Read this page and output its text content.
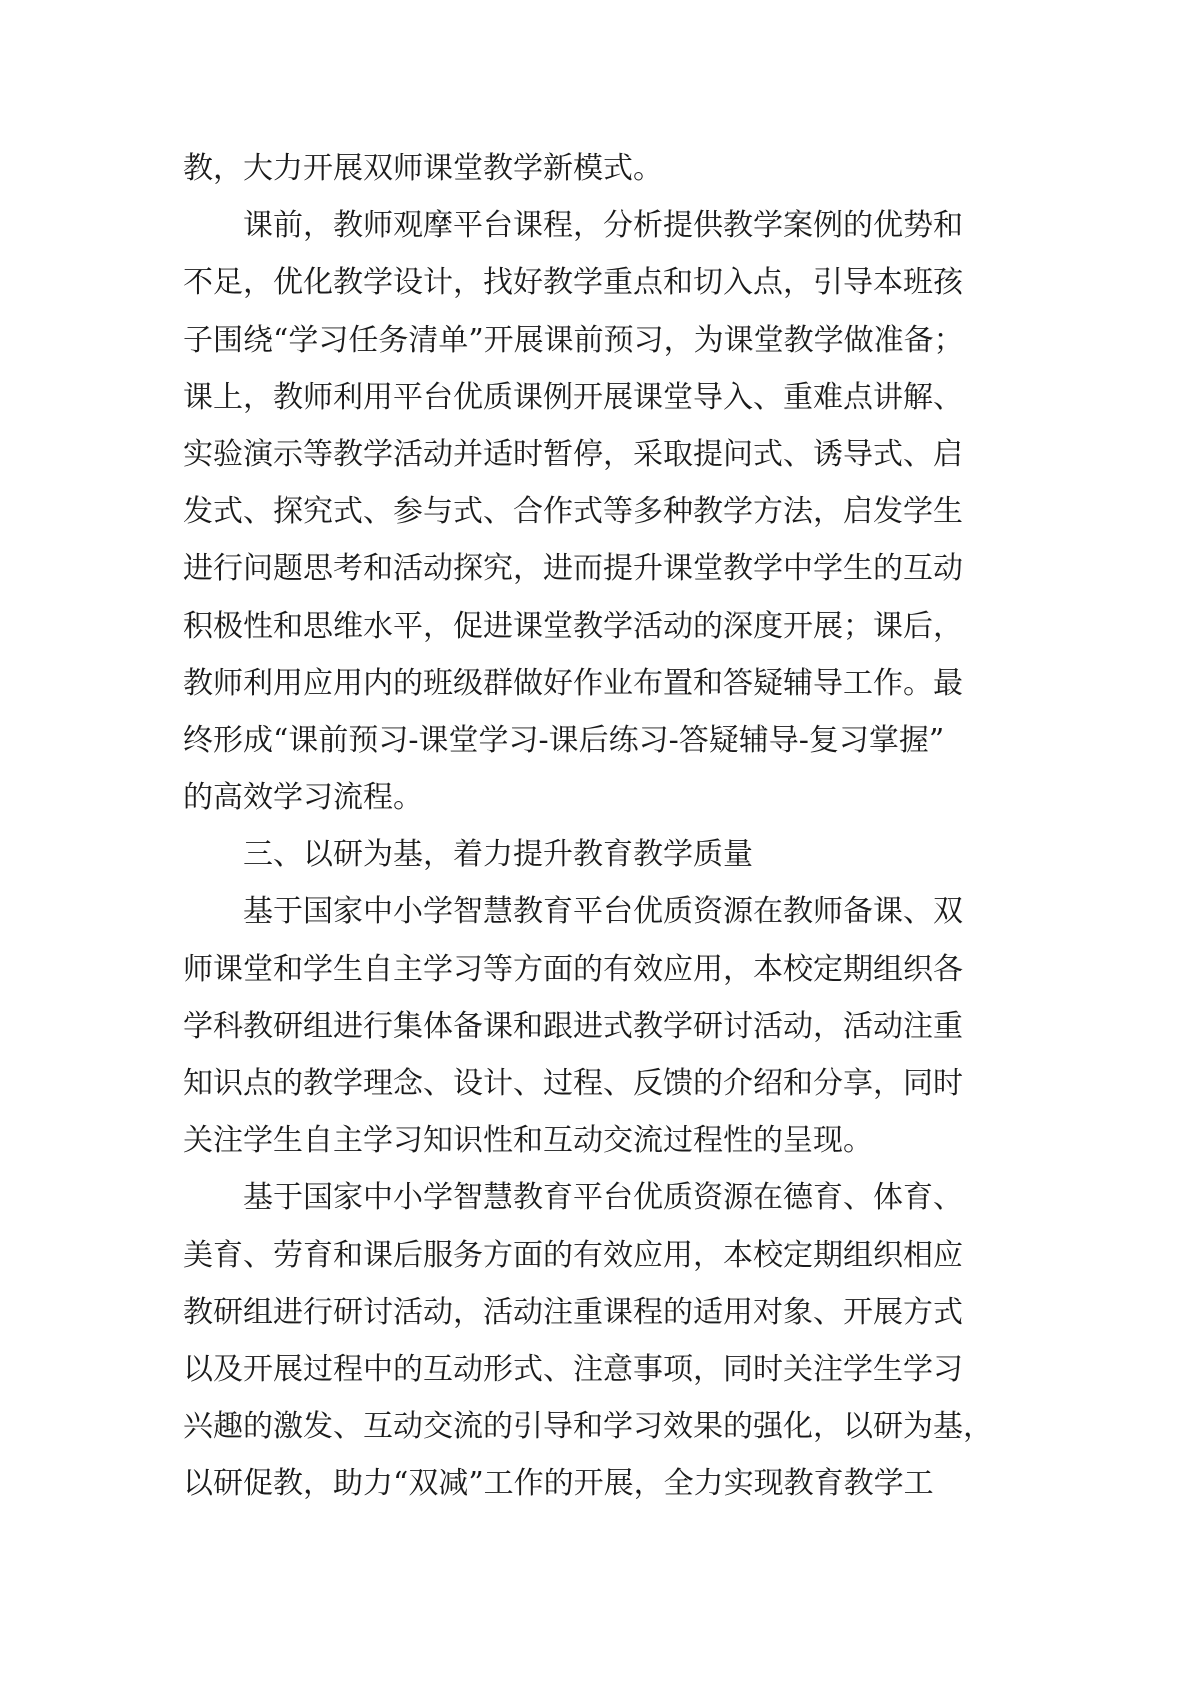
教，大力开展双师课堂教学新模式。
课前，教师观摩平台课程，分析提供教学案例的优势和
不足，优化教学设计，找好教学重点和切入点，引导本班孩
子围绕“学习任务清单”开展课前预习，为课堂教学做准备；
课上，教师利用平台优质课例开展课堂导入、重难点讲解、
实验演示等教学活动并适时暂停，采取提问式、诱导式、启
发式、探究式、参与式、合作式等多种教学方法，启发学生
进行问题思考和活动探究，进而提升课堂教学中学生的互动
积极性和思维水平，促进课堂教学活动的深度开展；课后，
教师利用应用内的班级群做好作业布置和答疑辅导工作。最
终形成“课前预习-课堂学习-课后练习-答疑辅导-复习掌握”
的高效学习流程。
三、以研为基，着力提升教育教学质量
基于国家中小学智慧教育平台优质资源在教师备课、双
师课堂和学生自主学习等方面的有效应用，本校定期组织各
学科教研组进行集体备课和跟进式教学研讨活动，活动注重
知识点的教学理念、设计、过程、反馈的介绍和分享，同时
关注学生自主学习知识性和互动交流过程性的呈现。
基于国家中小学智慧教育平台优质资源在德育、体育、
美育、劳育和课后服务方面的有效应用，本校定期组织相应
教研组进行研讨活动，活动注重课程的适用对象、开展方式
以及开展过程中的互动形式、注意事项，同时关注学生学习
兴趣的激发、互动交流的引导和学习效果的强化，以研为基，
以研促教，助力“双减”工作的开展，全力实现教育教学工
